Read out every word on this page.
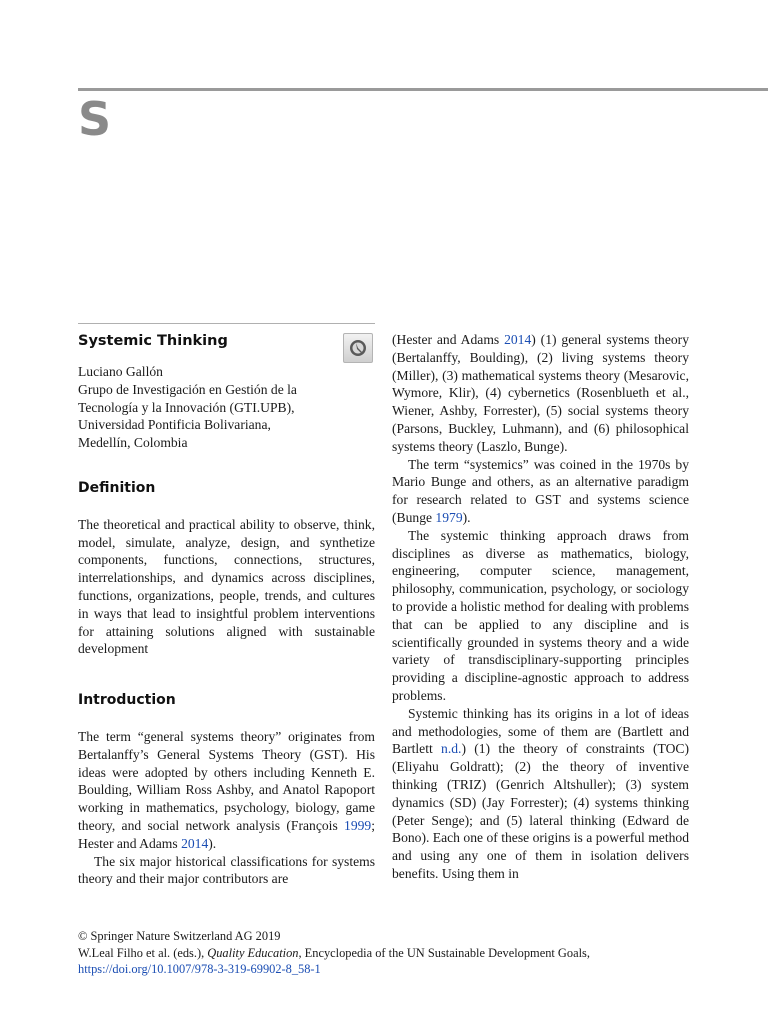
S
Systemic Thinking

Luciano Gallón
Grupo de Investigación en Gestión de la
Tecnología y la Innovación (GTI.UPB),
Universidad Pontificia Bolivariana,
Medellín, Colombia

Definition

The theoretical and practical ability to observe, think, model, simulate, analyze, design, and synthetize components, functions, connections, structures, interrelationships, and dynamics across disciplines, functions, organizations, people, trends, and cultures in ways that lead to insightful problem interventions for attaining solutions aligned with sustainable development

Introduction

The term “general systems theory” originates from Bertalanffy’s General Systems Theory (GST). His ideas were adopted by others including Kenneth E. Boulding, William Ross Ashby, and Anatol Rapoport working in mathematics, psychology, biology, game theory, and social network analysis (François 1999; Hester and Adams 2014).

The six major historical classifications for systems theory and their major contributors are

(Hester and Adams 2014) (1) general systems theory (Bertalanffy, Boulding), (2) living systems theory (Miller), (3) mathematical systems theory (Mesarovic, Wymore, Klir), (4) cybernetics (Rosenblueth et al., Wiener, Ashby, Forrester), (5) social systems theory (Parsons, Buckley, Luhmann), and (6) philosophical systems theory (Laszlo, Bunge).

The term “systemics” was coined in the 1970s by Mario Bunge and others, as an alternative paradigm for research related to GST and systems science (Bunge 1979).

The systemic thinking approach draws from disciplines as diverse as mathematics, biology, engineering, computer science, management, philosophy, communication, psychology, or sociology to provide a holistic method for dealing with problems that can be applied to any discipline and is scientifically grounded in systems theory and a wide variety of transdisciplinary-supporting principles providing a discipline-agnostic approach to address problems.

Systemic thinking has its origins in a lot of ideas and methodologies, some of them are (Bartlett and Bartlett n.d.) (1) the theory of constraints (TOC) (Eliyahu Goldratt); (2) the theory of inventive thinking (TRIZ) (Genrich Altshuller); (3) system dynamics (SD) (Jay Forrester); (4) systems thinking (Peter Senge); and (5) lateral thinking (Edward de Bono). Each one of these origins is a powerful method and using any one of them in isolation delivers benefits. Using them in

© Springer Nature Switzerland AG 2019
W.Leal Filho et al. (eds.), Quality Education, Encyclopedia of the UN Sustainable Development Goals,
https://doi.org/10.1007/978-3-319-69902-8_58-1
